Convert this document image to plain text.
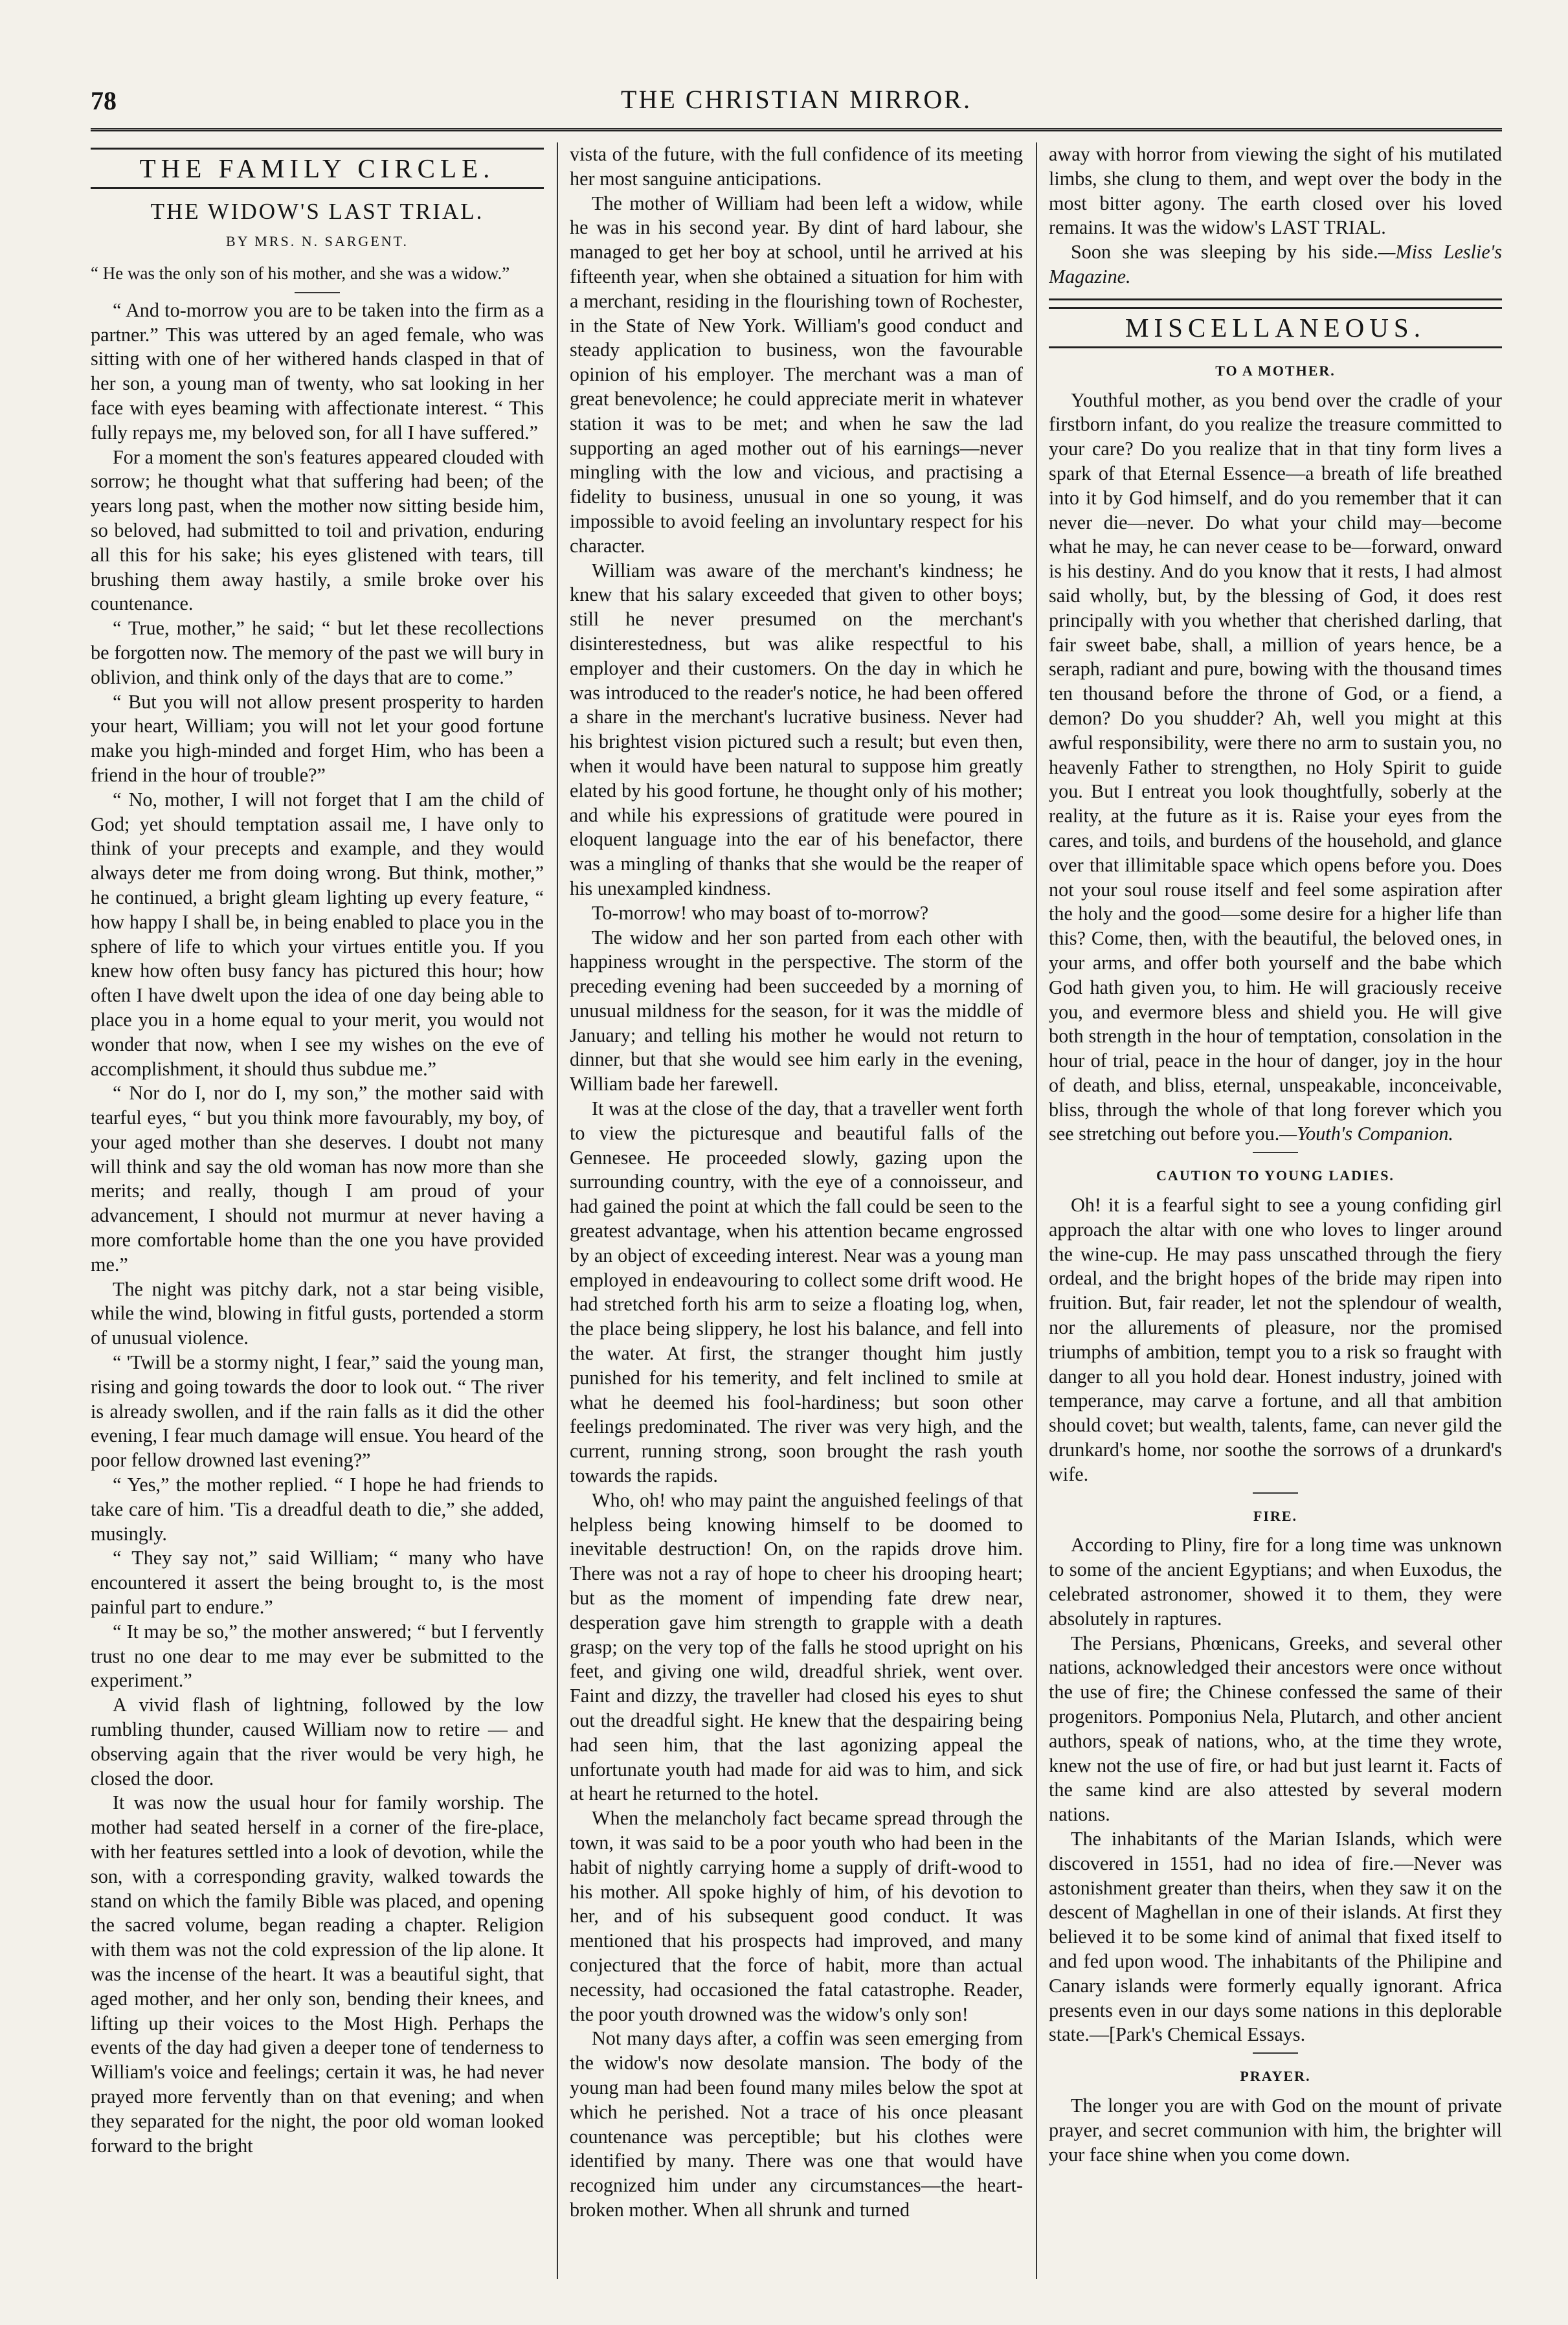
78	THE CHRISTIAN MIRROR.
THE FAMILY CIRCLE.
THE WIDOW'S LAST TRIAL.
BY MRS. N. SARGENT.
“ He was the only son of his mother, and she was a widow.”

“ And to-morrow you are to be taken into the firm as a partner.” This was uttered by an aged female, who was sitting with one of her withered hands clasped in that of her son, a young man of twenty, who sat looking in her face with eyes beaming with affectionate interest. “ This fully repays me, my beloved son, for all I have suffered.”

For a moment the son's features appeared clouded with sorrow; he thought what that suffering had been; of the years long past, when the mother now sitting beside him, so beloved, had submitted to toil and privation, enduring all this for his sake; his eyes glistened with tears, till brushing them away hastily, a smile broke over his countenance.

“ True, mother,” he said; “ but let these recollections be forgotten now. The memory of the past we will bury in oblivion, and think only of the days that are to come.”

“ But you will not allow present prosperity to harden your heart, William; you will not let your good fortune make you high-minded and forget Him, who has been a friend in the hour of trouble?”

“ No, mother, I will not forget that I am the child of God; yet should temptation assail me, I have only to think of your precepts and example, and they would always deter me from doing wrong. But think, mother,” he continued, a bright gleam lighting up every feature, “ how happy I shall be, in being enabled to place you in the sphere of life to which your virtues entitle you. If you knew how often busy fancy has pictured this hour; how often I have dwelt upon the idea of one day being able to place you in a home equal to your merit, you would not wonder that now, when I see my wishes on the eve of accomplishment, it should thus subdue me.”

“ Nor do I, nor do I, my son,” the mother said with tearful eyes, “ but you think more favourably, my boy, of your aged mother than she deserves. I doubt not many will think and say the old woman has now more than she merits; and really, though I am proud of your advancement, I should not murmur at never having a more comfortable home than the one you have provided me.”

The night was pitchy dark, not a star being visible, while the wind, blowing in fitful gusts, portended a storm of unusual violence.

“ 'Twill be a stormy night, I fear,” said the young man, rising and going towards the door to look out. “ The river is already swollen, and if the rain falls as it did the other evening, I fear much damage will ensue. You heard of the poor fellow drowned last evening?”

“ Yes,” the mother replied. “ I hope he had friends to take care of him. 'Tis a dreadful death to die,” she added, musingly.

“ They say not,” said William; “ many who have encountered it assert the being brought to, is the most painful part to endure.”

“ It may be so,” the mother answered; “ but I fervently trust no one dear to me may ever be submitted to the experiment.”

A vivid flash of lightning, followed by the low rumbling thunder, caused William now to retire — and observing again that the river would be very high, he closed the door.

It was now the usual hour for family worship. The mother had seated herself in a corner of the fire-place, with her features settled into a look of devotion, while the son, with a corresponding gravity, walked towards the stand on which the family Bible was placed, and opening the sacred volume, began reading a chapter. Religion with them was not the cold expression of the lip alone. It was the incense of the heart. It was a beautiful sight, that aged mother, and her only son, bending their knees, and lifting up their voices to the Most High. Perhaps the events of the day had given a deeper tone of tenderness to William's voice and feelings; certain it was, he had never prayed more fervently than on that evening; and when they separated for the night, the poor old woman looked forward to the bright

vista of the future, with the full confidence of its meeting her most sanguine anticipations.

The mother of William had been left a widow, while he was in his second year. By dint of hard labour, she managed to get her boy at school, until he arrived at his fifteenth year, when she obtained a situation for him with a merchant, residing in the flourishing town of Rochester, in the State of New York. William's good conduct and steady application to business, won the favourable opinion of his employer. The merchant was a man of great benevolence; he could appreciate merit in whatever station it was to be met; and when he saw the lad supporting an aged mother out of his earnings—never mingling with the low and vicious, and practising a fidelity to business, unusual in one so young, it was impossible to avoid feeling an involuntary respect for his character.

William was aware of the merchant's kindness; he knew that his salary exceeded that given to other boys; still he never presumed on the merchant's disinterestedness, but was alike respectful to his employer and their customers. On the day in which he was introduced to the reader's notice, he had been offered a share in the merchant's lucrative business. Never had his brightest vision pictured such a result; but even then, when it would have been natural to suppose him greatly elated by his good fortune, he thought only of his mother; and while his expressions of gratitude were poured in eloquent language into the ear of his benefactor, there was a mingling of thanks that she would be the reaper of his unexampled kindness.

To-morrow! who may boast of to-morrow?

The widow and her son parted from each other with happiness wrought in the perspective. The storm of the preceding evening had been succeeded by a morning of unusual mildness for the season, for it was the middle of January; and telling his mother he would not return to dinner, but that she would see him early in the evening, William bade her farewell.

It was at the close of the day, that a traveller went forth to view the picturesque and beautiful falls of the Gennesee. He proceeded slowly, gazing upon the surrounding country, with the eye of a connoisseur, and had gained the point at which the fall could be seen to the greatest advantage, when his attention became engrossed by an object of exceeding interest. Near was a young man employed in endeavouring to collect some drift wood. He had stretched forth his arm to seize a floating log, when, the place being slippery, he lost his balance, and fell into the water. At first, the stranger thought him justly punished for his temerity, and felt inclined to smile at what he deemed his fool-hardiness; but soon other feelings predominated. The river was very high, and the current, running strong, soon brought the rash youth towards the rapids.

Who, oh! who may paint the anguished feelings of that helpless being knowing himself to be doomed to inevitable destruction! On, on the rapids drove him. There was not a ray of hope to cheer his drooping heart; but as the moment of impending fate drew near, desperation gave him strength to grapple with a death grasp; on the very top of the falls he stood upright on his feet, and giving one wild, dreadful shriek, went over. Faint and dizzy, the traveller had closed his eyes to shut out the dreadful sight. He knew that the despairing being had seen him, that the last agonizing appeal the unfortunate youth had made for aid was to him, and sick at heart he returned to the hotel.

When the melancholy fact became spread through the town, it was said to be a poor youth who had been in the habit of nightly carrying home a supply of drift-wood to his mother. All spoke highly of him, of his devotion to her, and of his subsequent good conduct. It was mentioned that his prospects had improved, and many conjectured that the force of habit, more than actual necessity, had occasioned the fatal catastrophe. Reader, the poor youth drowned was the widow's only son!

Not many days after, a coffin was seen emerging from the widow's now desolate mansion. The body of the young man had been found many miles below the spot at which he perished. Not a trace of his once pleasant countenance was perceptible; but his clothes were identified by many. There was one that would have recognized him under any circumstances—the heart-broken mother. When all shrunk and turned

away with horror from viewing the sight of his mutilated limbs, she clung to them, and wept over the body in the most bitter agony. The earth closed over his loved remains. It was the widow's LAST TRIAL.

Soon she was sleeping by his side.—Miss Leslie's Magazine.

MISCELLANEOUS.
TO A MOTHER.

Youthful mother, as you bend over the cradle of your firstborn infant, do you realize the treasure committed to your care? Do you realize that in that tiny form lives a spark of that Eternal Essence—a breath of life breathed into it by God himself, and do you remember that it can never die—never. Do what your child may—become what he may, he can never cease to be—forward, onward is his destiny. And do you know that it rests, I had almost said wholly, but, by the blessing of God, it does rest principally with you whether that cherished darling, that fair sweet babe, shall, a million of years hence, be a seraph, radiant and pure, bowing with the thousand times ten thousand before the throne of God, or a fiend, a demon? Do you shudder? Ah, well you might at this awful responsibility, were there no arm to sustain you, no heavenly Father to strengthen, no Holy Spirit to guide you. But I entreat you look thoughtfully, soberly at the reality, at the future as it is. Raise your eyes from the cares, and toils, and burdens of the household, and glance over that illimitable space which opens before you. Does not your soul rouse itself and feel some aspiration after the holy and the good—some desire for a higher life than this? Come, then, with the beautiful, the beloved ones, in your arms, and offer both yourself and the babe which God hath given you, to him. He will graciously receive you, and evermore bless and shield you. He will give both strength in the hour of temptation, consolation in the hour of trial, peace in the hour of danger, joy in the hour of death, and bliss, eternal, unspeakable, inconceivable, bliss, through the whole of that long forever which you see stretching out before you.—Youth's Companion.

CAUTION TO YOUNG LADIES.

Oh! it is a fearful sight to see a young confiding girl approach the altar with one who loves to linger around the wine-cup. He may pass unscathed through the fiery ordeal, and the bright hopes of the bride may ripen into fruition. But, fair reader, let not the splendour of wealth, nor the allurements of pleasure, nor the promised triumphs of ambition, tempt you to a risk so fraught with danger to all you hold dear. Honest industry, joined with temperance, may carve a fortune, and all that ambition should covet; but wealth, talents, fame, can never gild the drunkard's home, nor soothe the sorrows of a drunkard's wife.

FIRE.

According to Pliny, fire for a long time was unknown to some of the ancient Egyptians; and when Euxodus, the celebrated astronomer, showed it to them, they were absolutely in raptures.

The Persians, Phœnicans, Greeks, and several other nations, acknowledged their ancestors were once without the use of fire; the Chinese confessed the same of their progenitors. Pomponius Nela, Plutarch, and other ancient authors, speak of nations, who, at the time they wrote, knew not the use of fire, or had but just learnt it. Facts of the same kind are also attested by several modern nations.

The inhabitants of the Marian Islands, which were discovered in 1551, had no idea of fire.—Never was astonishment greater than theirs, when they saw it on the descent of Maghellan in one of their islands. At first they believed it to be some kind of animal that fixed itself to and fed upon wood. The inhabitants of the Philipine and Canary islands were formerly equally ignorant. Africa presents even in our days some nations in this deplorable state.—[Park's Chemical Essays.

PRAYER.

The longer you are with God on the mount of private prayer, and secret communion with him, the brighter will your face shine when you come down.
